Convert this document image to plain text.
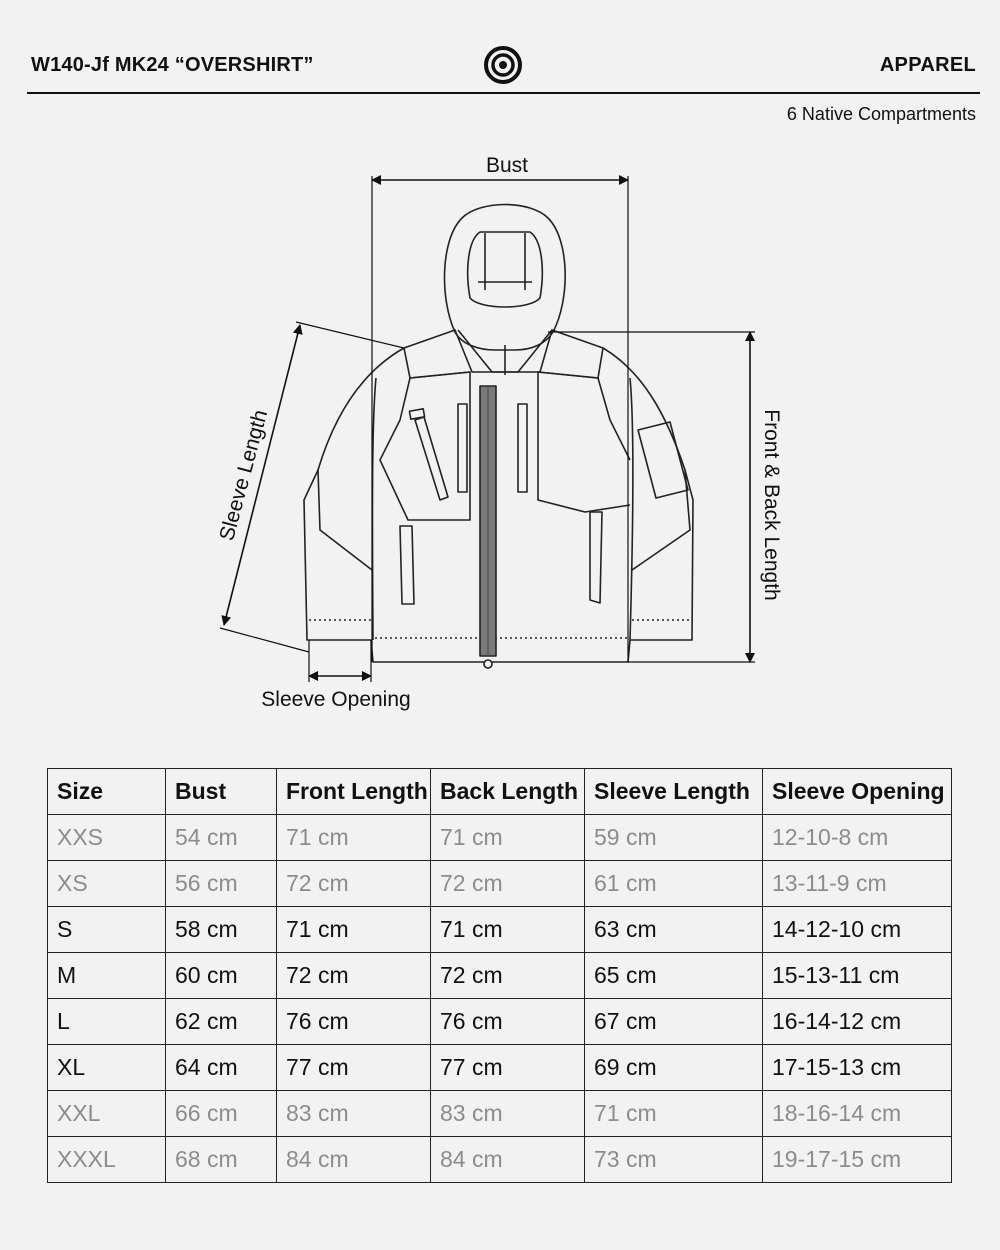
W140-Jf MK24 “OVERSHIRT”	APPAREL
6 Native Compartments
Bust
Front & Back Length
Sleeve Length
Sleeve Opening
Size	Bust	Front Length	Back Length	Sleeve Length	Sleeve Opening
XXS	54 cm	71 cm	71 cm	59 cm	12-10-8 cm
XS	56 cm	72 cm	72 cm	61 cm	13-11-9 cm
S	58 cm	71 cm	71 cm	63 cm	14-12-10 cm
M	60 cm	72 cm	72 cm	65 cm	15-13-11 cm
L	62 cm	76 cm	76 cm	67 cm	16-14-12 cm
XL	64 cm	77 cm	77 cm	69 cm	17-15-13 cm
XXL	66 cm	83 cm	83 cm	71 cm	18-16-14 cm
XXXL	68 cm	84 cm	84 cm	73 cm	19-17-15 cm
